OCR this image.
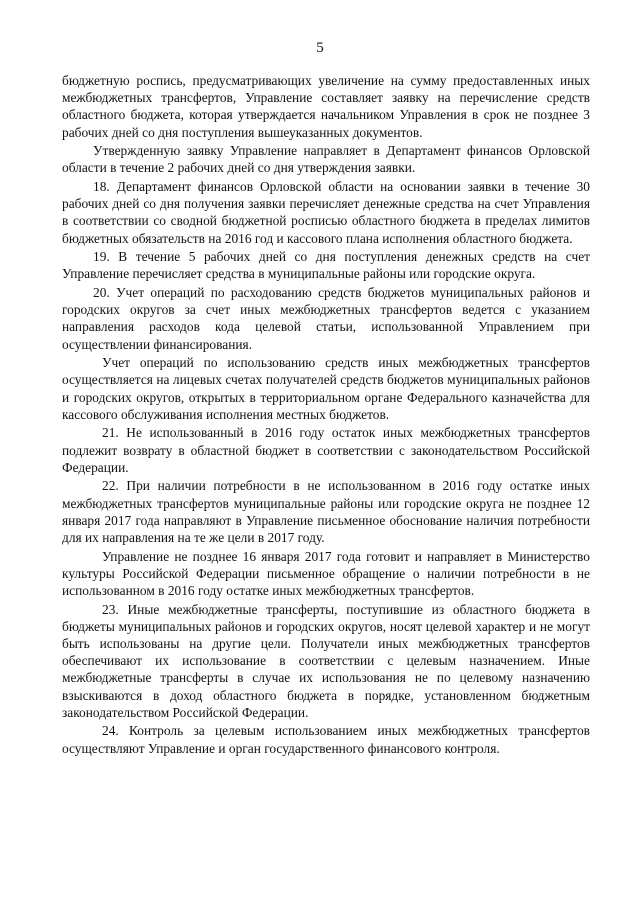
5

бюджетную роспись, предусматривающих увеличение на сумму предоставленных иных межбюджетных трансфертов, Управление составляет заявку на перечисление средств областного бюджета, которая утверждается начальником Управления в срок не позднее 3 рабочих дней со дня поступления вышеуказанных документов.

Утвержденную заявку Управление направляет в Департамент финансов Орловской области в течение 2 рабочих дней со дня утверждения заявки.

18. Департамент финансов Орловской области на основании заявки в течение 30 рабочих дней со дня получения заявки перечисляет денежные средства на счет Управления в соответствии со сводной бюджетной росписью областного бюджета в пределах лимитов бюджетных обязательств на 2016 год и кассового плана исполнения областного бюджета.

19. В течение 5 рабочих дней со дня поступления денежных средств на счет Управление перечисляет средства в муниципальные районы или городские округа.

20. Учет операций по расходованию средств бюджетов муниципальных районов и городских округов за счет иных межбюджетных трансфертов ведется с указанием направления расходов кода целевой статьи, использованной Управлением при осуществлении финансирования.

Учет операций по использованию средств иных межбюджетных трансфертов осуществляется на лицевых счетах получателей средств бюджетов муниципальных районов и городских округов, открытых в территориальном органе Федерального казначейства для кассового обслуживания исполнения местных бюджетов.

21. Не использованный в 2016 году остаток иных межбюджетных трансфертов подлежит возврату в областной бюджет в соответствии с законодательством Российской Федерации.

22. При наличии потребности в не использованном в 2016 году остатке иных межбюджетных трансфертов муниципальные районы или городские округа не позднее 12 января 2017 года направляют в Управление письменное обоснование наличия потребности для их направления на те же цели в 2017 году.

Управление не позднее 16 января 2017 года готовит и направляет в Министерство культуры Российской Федерации письменное обращение о наличии потребности в не использованном в 2016 году остатке иных межбюджетных трансфертов.

23. Иные межбюджетные трансферты, поступившие из областного бюджета в бюджеты муниципальных районов и городских округов, носят целевой характер и не могут быть использованы на другие цели. Получатели иных межбюджетных трансфертов обеспечивают их использование в соответствии с целевым назначением. Иные межбюджетные трансферты в случае их использования не по целевому назначению взыскиваются в доход областного бюджета в порядке, установленном бюджетным законодательством Российской Федерации.

24. Контроль за целевым использованием иных межбюджетных трансфертов осуществляют Управление и орган государственного финансового контроля.
